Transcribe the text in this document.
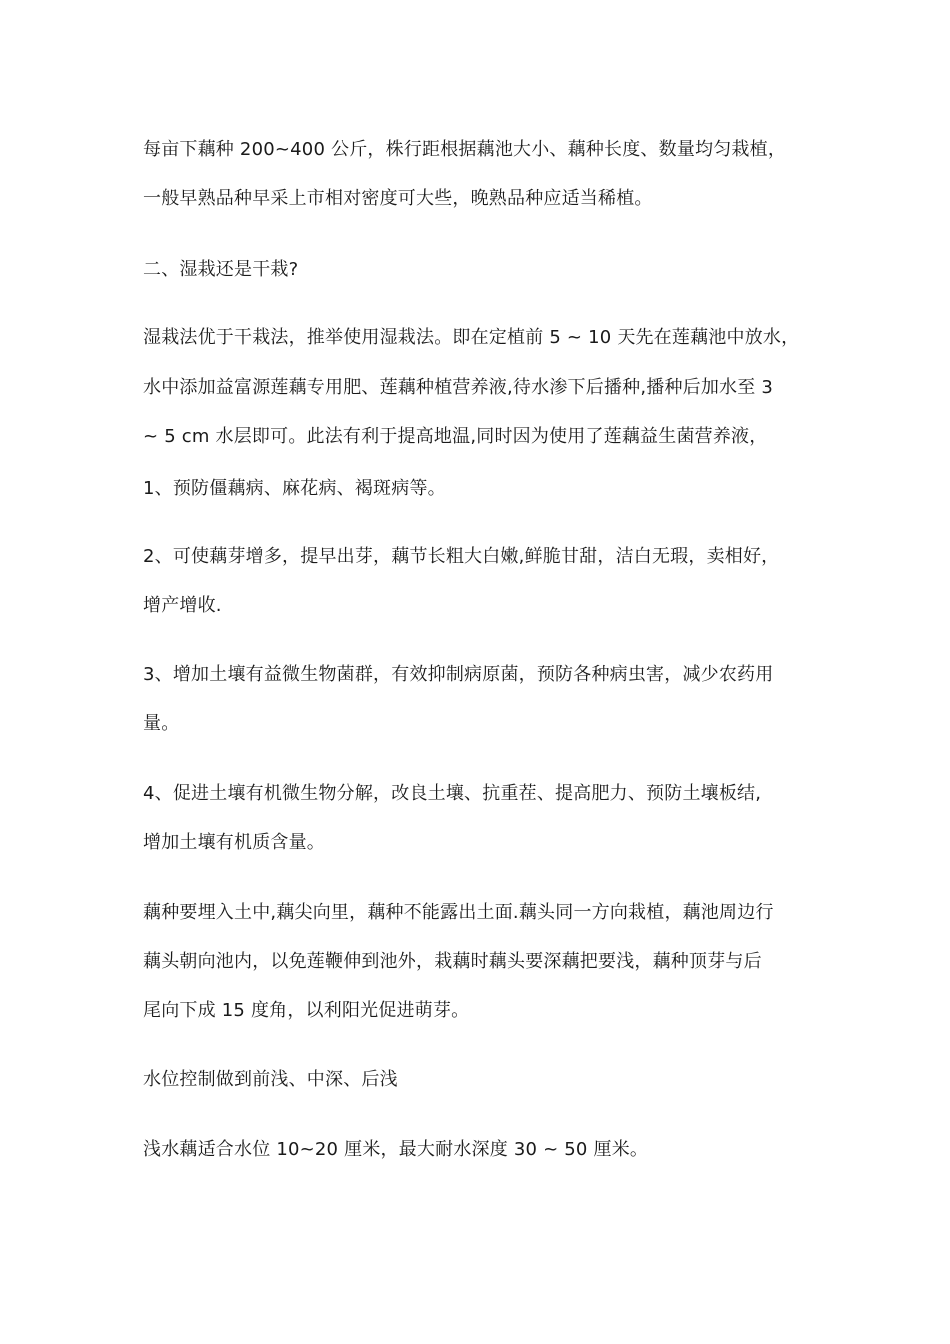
每亩下藕种 200~400 公斤，株行距根据藕池大小、藕种长度、数量均匀栽植，
一般早熟品种早采上市相对密度可大些，晚熟品种应适当稀植。
二、湿栽还是干栽?
湿栽法优于干栽法，推举使用湿栽法。即在定植前 5 ~ 10 天先在莲藕池中放水，
水中添加益富源莲藕专用肥、莲藕种植营养液,待水渗下后播种,播种后加水至 3
~ 5 cm 水层即可。此法有利于提高地温,同时因为使用了莲藕益生菌营养液，
1、预防僵藕病、麻花病、褐斑病等。
2、可使藕芽增多，提早出芽，藕节长粗大白嫩,鲜脆甘甜，洁白无瑕，卖相好，
增产增收.
3、增加土壤有益微生物菌群，有效抑制病原菌，预防各种病虫害，减少农药用
量。
4、促进土壤有机微生物分解，改良土壤、抗重茬、提高肥力、预防土壤板结,
增加土壤有机质含量。
藕种要埋入土中,藕尖向里，藕种不能露出土面.藕头同一方向栽植，藕池周边行
藕头朝向池内，以免莲鞭伸到池外，栽藕时藕头要深藕把要浅，藕种顶芽与后
尾向下成 15 度角，以利阳光促进萌芽。
水位控制做到前浅、中深、后浅
浅水藕适合水位 10~20 厘米，最大耐水深度 30 ~ 50 厘米。
